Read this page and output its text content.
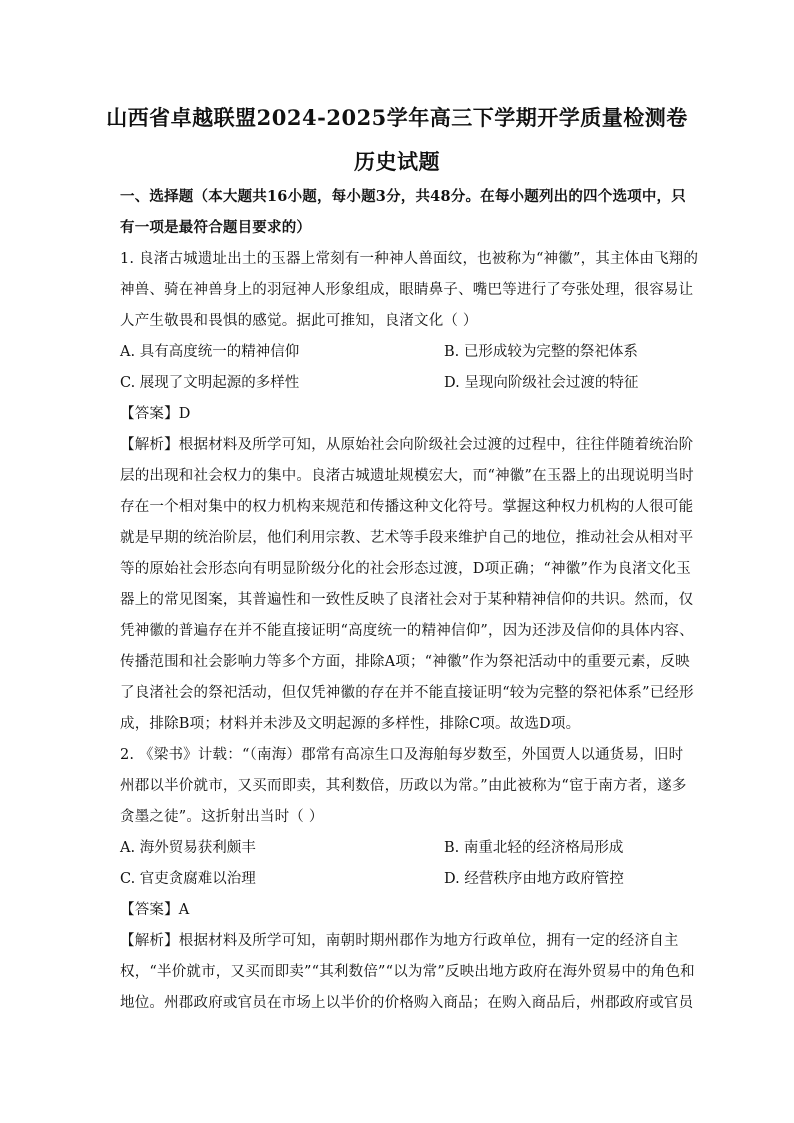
山西省卓越联盟2024-2025学年高三下学期开学质量检测卷
历史试题
一、选择题（本大题共16小题，每小题3分，共48分。在每小题列出的四个选项中，只
有一项是最符合题目要求的）
1. 良渚古城遗址出土的玉器上常刻有一种神人兽面纹，也被称为“神徽”，其主体由飞翔的
神兽、骑在神兽身上的羽冠神人形象组成，眼睛鼻子、嘴巴等进行了夸张处理，很容易让
人产生敬畏和畏惧的感觉。据此可推知，良渚文化（ ）
A. 具有高度统一的精神信仰	B. 已形成较为完整的祭祀体系
C. 展现了文明起源的多样性	D. 呈现向阶级社会过渡的特征
【答案】D
【解析】根据材料及所学可知，从原始社会向阶级社会过渡的过程中，往往伴随着统治阶
层的出现和社会权力的集中。良渚古城遗址规模宏大，而“神徽”在玉器上的出现说明当时
存在一个相对集中的权力机构来规范和传播这种文化符号。掌握这种权力机构的人很可能
就是早期的统治阶层，他们利用宗教、艺术等手段来维护自己的地位，推动社会从相对平
等的原始社会形态向有明显阶级分化的社会形态过渡，D项正确；“神徽”作为良渚文化玉
器上的常见图案，其普遍性和一致性反映了良渚社会对于某种精神信仰的共识。然而，仅
凭神徽的普遍存在并不能直接证明“高度统一的精神信仰”，因为还涉及信仰的具体内容、
传播范围和社会影响力等多个方面，排除A项；“神徽”作为祭祀活动中的重要元素，反映
了良渚社会的祭祀活动，但仅凭神徽的存在并不能直接证明“较为完整的祭祀体系”已经形
成，排除B项；材料并未涉及文明起源的多样性，排除C项。故选D项。
2. 《梁书》计载：“（南海）郡常有高凉生口及海舶每岁数至，外国贾人以通货易，旧时
州郡以半价就市，又买而即卖，其利数倍，历政以为常。”由此被称为“宦于南方者，遂多
贪墨之徒”。这折射出当时（ ）
A. 海外贸易获利颇丰	B. 南重北轻的经济格局形成
C. 官吏贪腐难以治理	D. 经营秩序由地方政府管控
【答案】A
【解析】根据材料及所学可知，南朝时期州郡作为地方行政单位，拥有一定的经济自主
权，“半价就市，又买而即卖”“其利数倍”“以为常”反映出地方政府在海外贸易中的角色和
地位。州郡政府或官员在市场上以半价的价格购入商品；在购入商品后，州郡政府或官员
